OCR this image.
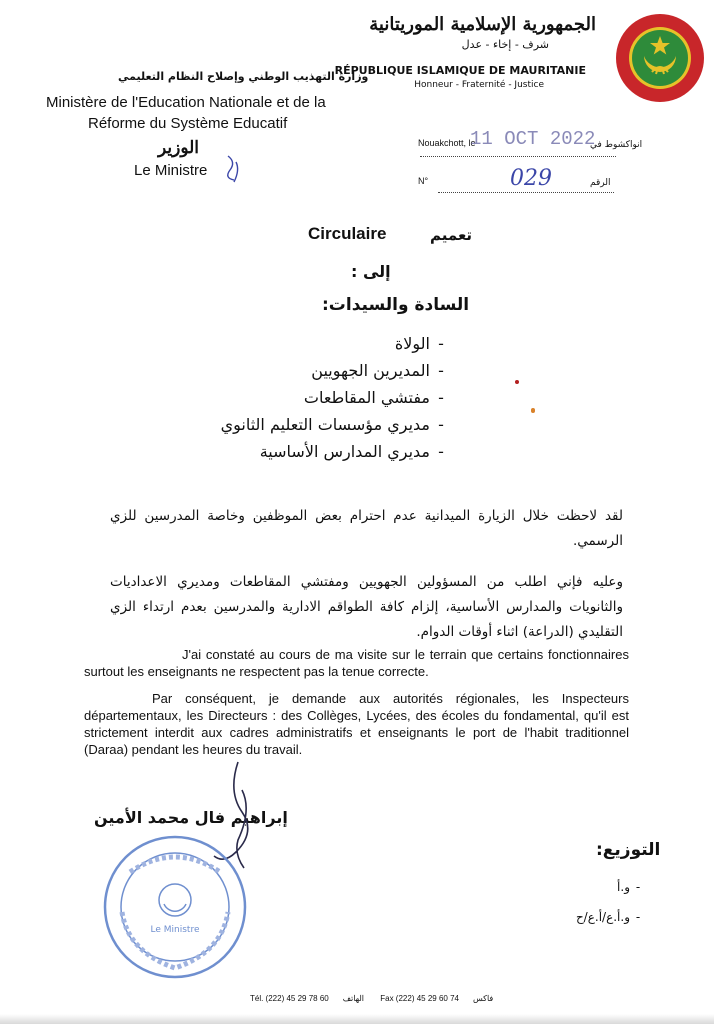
الجمهورية الإسلامية الموريتانية
شرف - إخاء - عدل
RÉPUBLIQUE ISLAMIQUE DE MAURITANIE
Honneur - Fraternité - Justice
وزارة التهذيب الوطني وإصلاح النظام التعليمي
Ministère de l'Education Nationale et de la
Réforme du Système Educatif
الوزير
Le Ministre
Nouakchott, le
11 OCT 2022
انواكشوط في
N°	029	الرقم
Circulaire	تعميم
إلى :
السادة والسيدات:
- الولاة
- المديرين الجهويين
- مفتشي المقاطعات
- مديري مؤسسات التعليم الثانوي
- مديري المدارس الأساسية
لقد لاحظت خلال الزيارة الميدانية عدم احترام بعض الموظفين وخاصة المدرسين للزي الرسمي.
وعليه فإني اطلب من المسؤولين الجهويين ومفتشي المقاطعات ومديري الاعداديات والثانويات والمدارس الأساسية، إلزام كافة الطواقم الادارية والمدرسين بعدم ارتداء الزي التقليدي (الدراعة) اثناء أوقات الدوام.
J'ai constaté au cours de ma visite sur le terrain que certains fonctionnaires surtout les enseignants ne respectent pas la tenue correcte.
Par conséquent, je demande aux autorités régionales, les Inspecteurs départementaux, les Directeurs : des Collèges, Lycées, des écoles du fondamental, qu'il est strictement interdit aux cadres administratifs et enseignants le port de l'habit traditionnel (Daraa) pendant les heures du travail.
إبراهيم فال محمد الأمين
Le Ministre
التوزيع:
- و.أ
- و.أ.ع/أ.ع/ح
Tél. (222) 45 29 78 60 الهاتف Fax (222) 45 29 60 74 فاكس
